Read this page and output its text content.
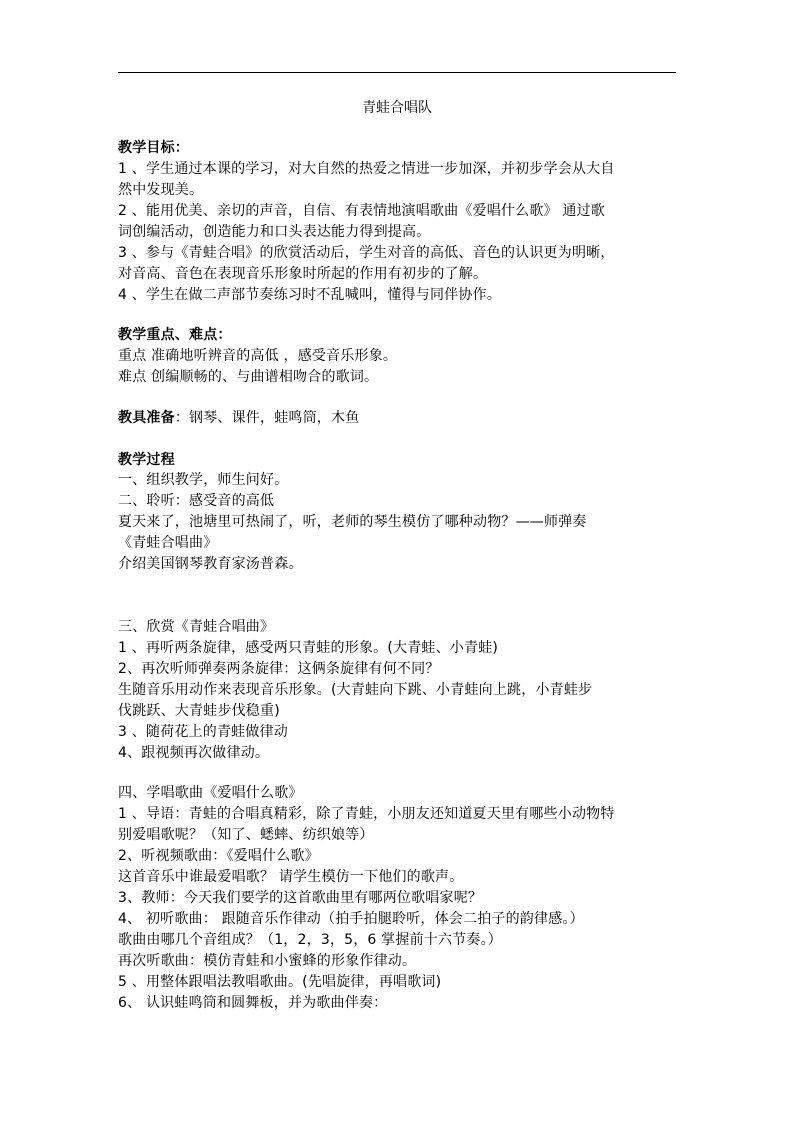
青蛙合唱队
教学目标：
1 、学生通过本课的学习，对大自然的热爱之情进一步加深，并初步学会从大自
然中发现美。
2 、能用优美、亲切的声音，自信、有表情地演唱歌曲《爱唱什么歌》 通过歌
词创编活动，创造能力和口头表达能力得到提高。
3 、参与《青蛙合唱》的欣赏活动后，学生对音的高低、音色的认识更为明晰，
对音高、音色在表现音乐形象时所起的作用有初步的了解。
4 、学生在做二声部节奏练习时不乱喊叫，懂得与同伴协作。
教学重点、难点：
重点 准确地听辨音的高低 ，感受音乐形象。
难点 创编顺畅的、与曲谱相吻合的歌词。
教具准备：钢琴、课件，蛙鸣筒，木鱼
教学过程
一、组织教学，师生问好。
二、聆听：感受音的高低
夏天来了，池塘里可热闹了，听，老师的琴生模仿了哪种动物？——师弹奏
《青蛙合唱曲》
介绍美国钢琴教育家汤普森。
三、欣赏《青蛙合唱曲》
1 、再听两条旋律，感受两只青蛙的形象。(大青蛙、小青蛙)
2、再次听师弹奏两条旋律：这俩条旋律有何不同？
生随音乐用动作来表现音乐形象。(大青蛙向下跳、小青蛙向上跳，小青蛙步
伐跳跃、大青蛙步伐稳重)
3 、随荷花上的青蛙做律动
4、跟视频再次做律动。
四、学唱歌曲《爱唱什么歌》
1 、导语：青蛙的合唱真精彩，除了青蛙，小朋友还知道夏天里有哪些小动物特
别爱唱歌呢？（知了、蟋蟀、纺织娘等）
2、听视频歌曲：《爱唱什么歌》
这首音乐中谁最爱唱歌？ 请学生模仿一下他们的歌声。
3、教师：今天我们要学的这首歌曲里有哪两位歌唱家呢？
4、 初听歌曲： 跟随音乐作律动（拍手拍腿聆听，体会二拍子的韵律感。）
歌曲由哪几个音组成？（1，2，3，5，6 掌握前十六节奏。）
再次听歌曲：模仿青蛙和小蜜蜂的形象作律动。
5 、用整体跟唱法教唱歌曲。(先唱旋律，再唱歌词)
6、 认识蛙鸣筒和圆舞板，并为歌曲伴奏：
